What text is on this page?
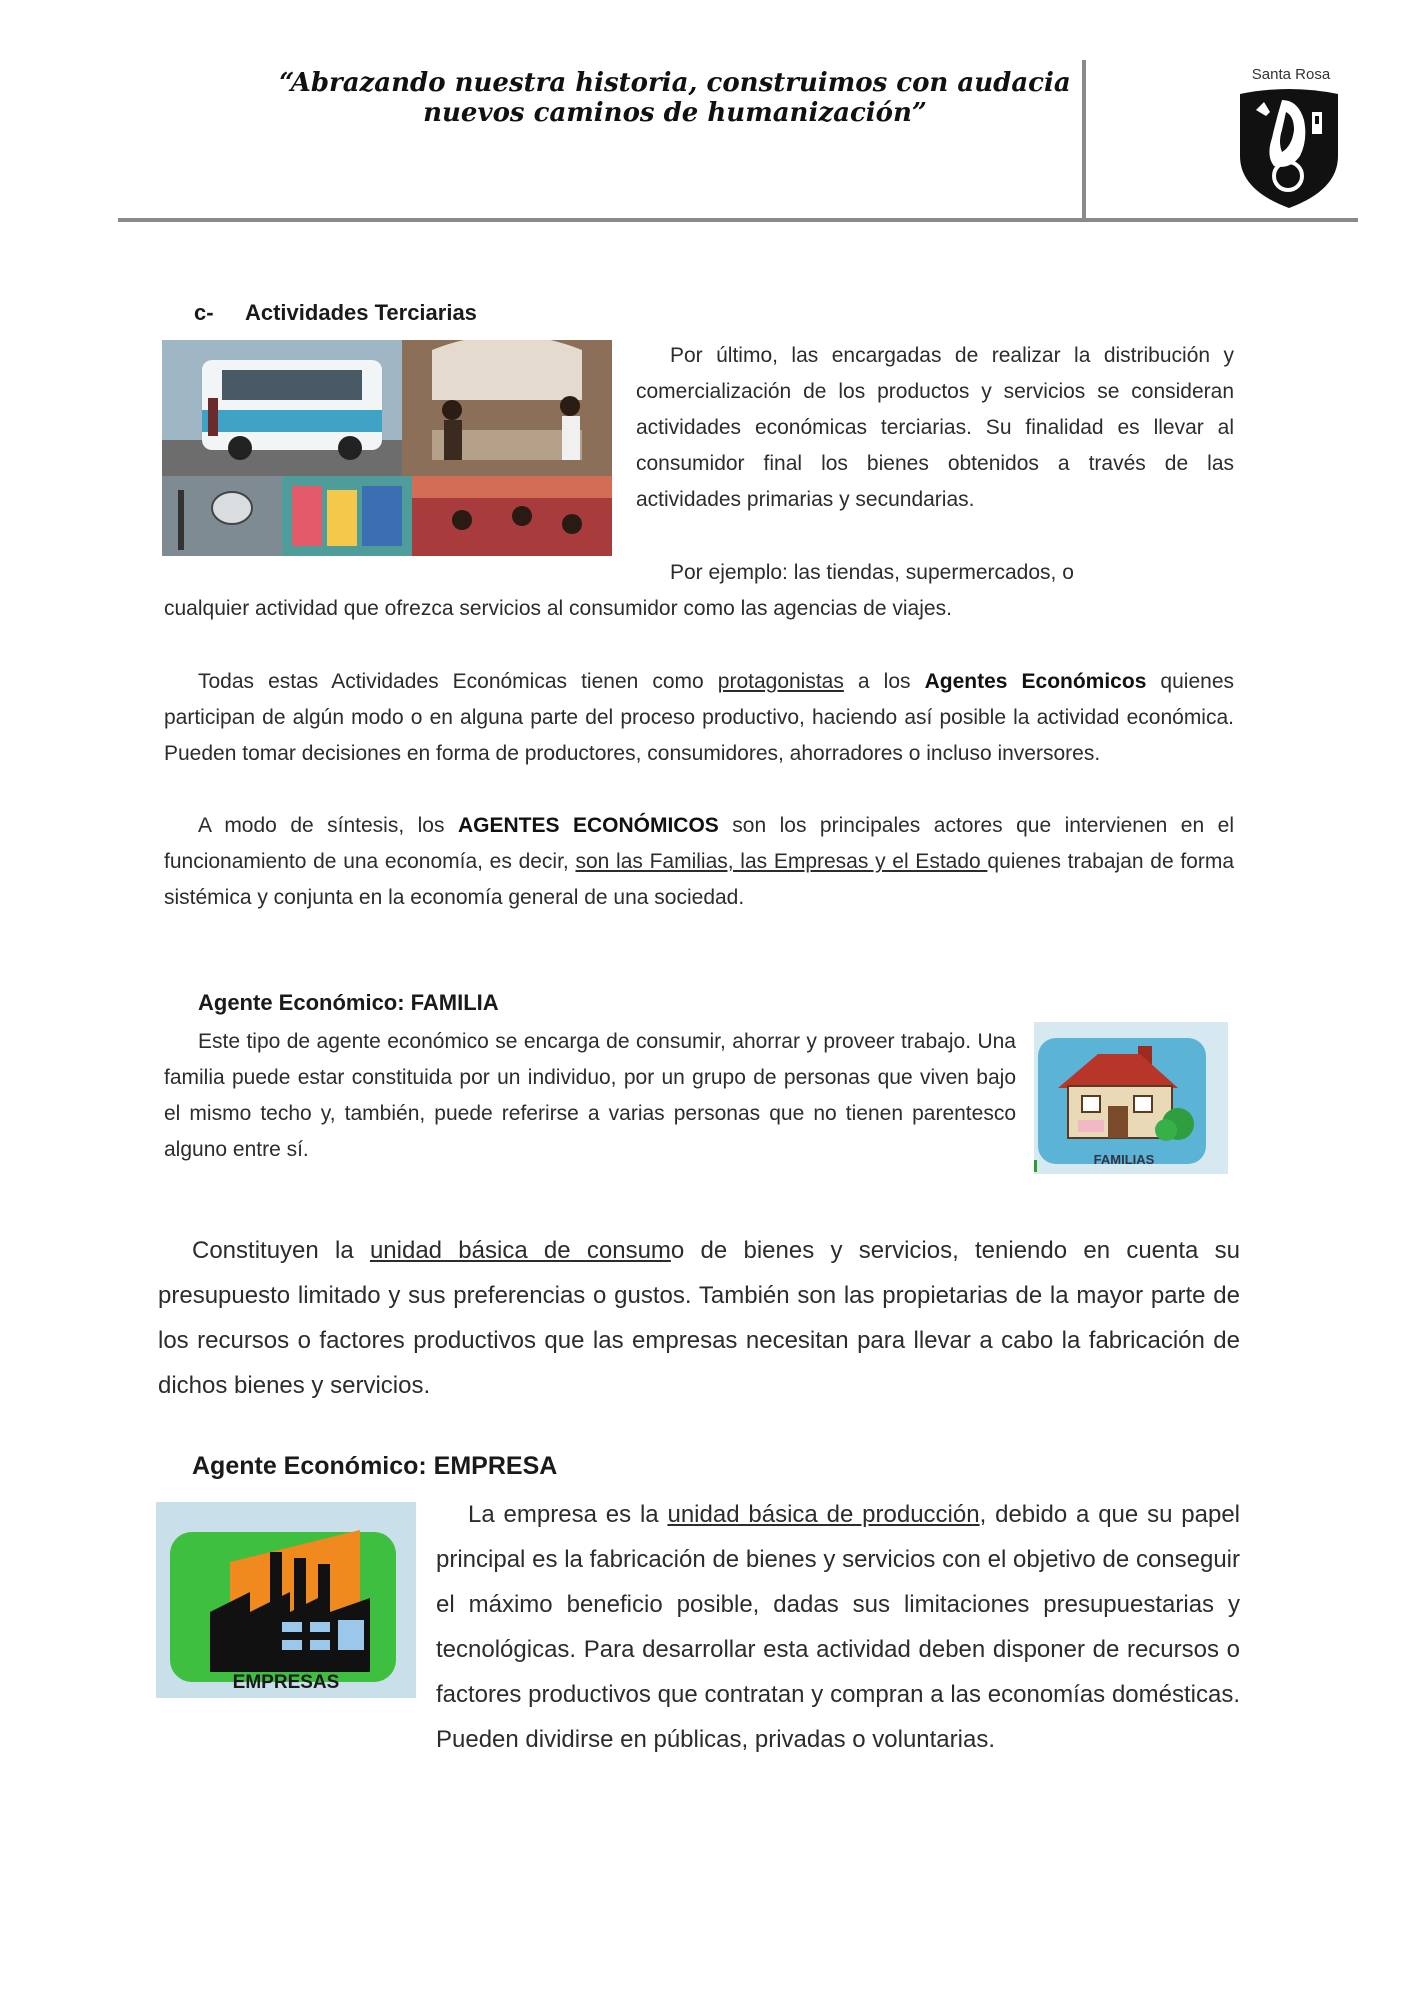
“Abrazando nuestra historia, construimos con audacia nuevos caminos de humanización”
Santa Rosa
c- Actividades Terciarias
Por último, las encargadas de realizar la distribución y comercialización de los productos y servicios se consideran actividades económicas terciarias. Su finalidad es llevar al consumidor final los bienes obtenidos a través de las actividades primarias y secundarias.
Por ejemplo: las tiendas, supermercados, o
cualquier actividad que ofrezca servicios al consumidor como las agencias de viajes.
Todas estas Actividades Económicas tienen como protagonistas a los Agentes Económicos quienes participan de algún modo o en alguna parte del proceso productivo, haciendo así posible la actividad económica. Pueden tomar decisiones en forma de productores, consumidores, ahorradores o incluso inversores.
A modo de síntesis, los AGENTES ECONÓMICOS son los principales actores que intervienen en el funcionamiento de una economía, es decir, son las Familias, las Empresas y el Estado quienes trabajan de forma sistémica y conjunta en la economía general de una sociedad.
Agente Económico: FAMILIA
Este tipo de agente económico se encarga de consumir, ahorrar y proveer trabajo. Una familia puede estar constituida por un individuo, por un grupo de personas que viven bajo el mismo techo y, también, puede referirse a varias personas que no tienen parentesco alguno entre sí.	FAMILIAS
Constituyen la unidad básica de consumo de bienes y servicios, teniendo en cuenta su presupuesto limitado y sus preferencias o gustos. También son las propietarias de la mayor parte de los recursos o factores productivos que las empresas necesitan para llevar a cabo la fabricación de dichos bienes y servicios.
Agente Económico: EMPRESA
EMPRESAS
La empresa es la unidad básica de producción, debido a que su papel principal es la fabricación de bienes y servicios con el objetivo de conseguir el máximo beneficio posible, dadas sus limitaciones presupuestarias y tecnológicas. Para desarrollar esta actividad deben disponer de recursos o factores productivos que contratan y compran a las economías domésticas. Pueden dividirse en públicas, privadas o voluntarias.
